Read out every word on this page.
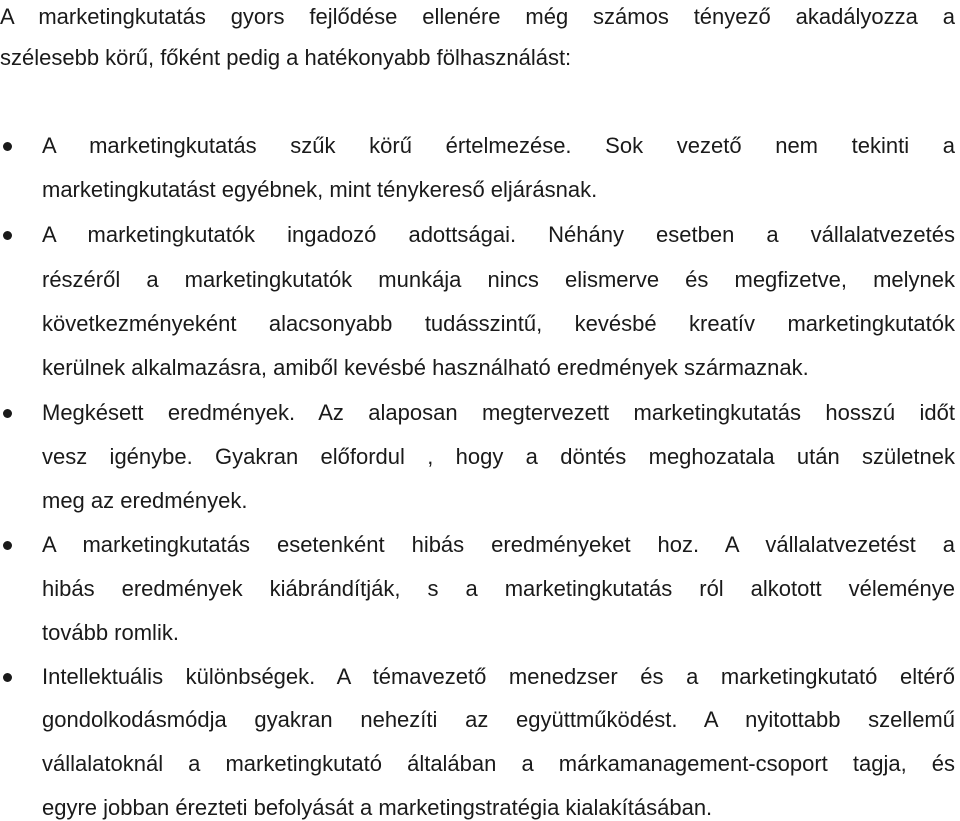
A marketingkutatás gyors fejlődése ellenére még számos tényező akadályozza a
szélesebb körű, főként pedig a hatékonyabb fölhasználást:
A marketingkutatás szűk körű értelmezése. Sok vezető nem tekinti a
marketingkutatást egyébnek, mint ténykereső eljárásnak.
A marketingkutatók ingadozó adottságai. Néhány esetben a vállalatvezetés
részéről a marketingkutatók munkája nincs elismerve és megfizetve, melynek
következményeként alacsonyabb tudásszintű, kevésbé kreatív marketingkutatók
kerülnek alkalmazásra, amiből kevésbé használható eredmények származnak.
Megkésett eredmények. Az alaposan megtervezett marketingkutatás hosszú időt
vesz igénybe. Gyakran előfordul , hogy a döntés meghozatala után születnek
meg az eredmények.
A marketingkutatás esetenként hibás eredményeket hoz. A vállalatvezetést a
hibás eredmények kiábrándítják, s a marketingkutatás ról alkotott véleménye
tovább romlik.
Intellektuális különbségek. A témavezető menedzser és a marketingkutató eltérő
gondolkodásmódja gyakran nehezíti az együttműködést. A nyitottabb szellemű
vállalatoknál a marketingkutató általában a márkamanagement-csoport tagja, és
egyre jobban érezteti befolyását a marketingstratégia kialakításában.
